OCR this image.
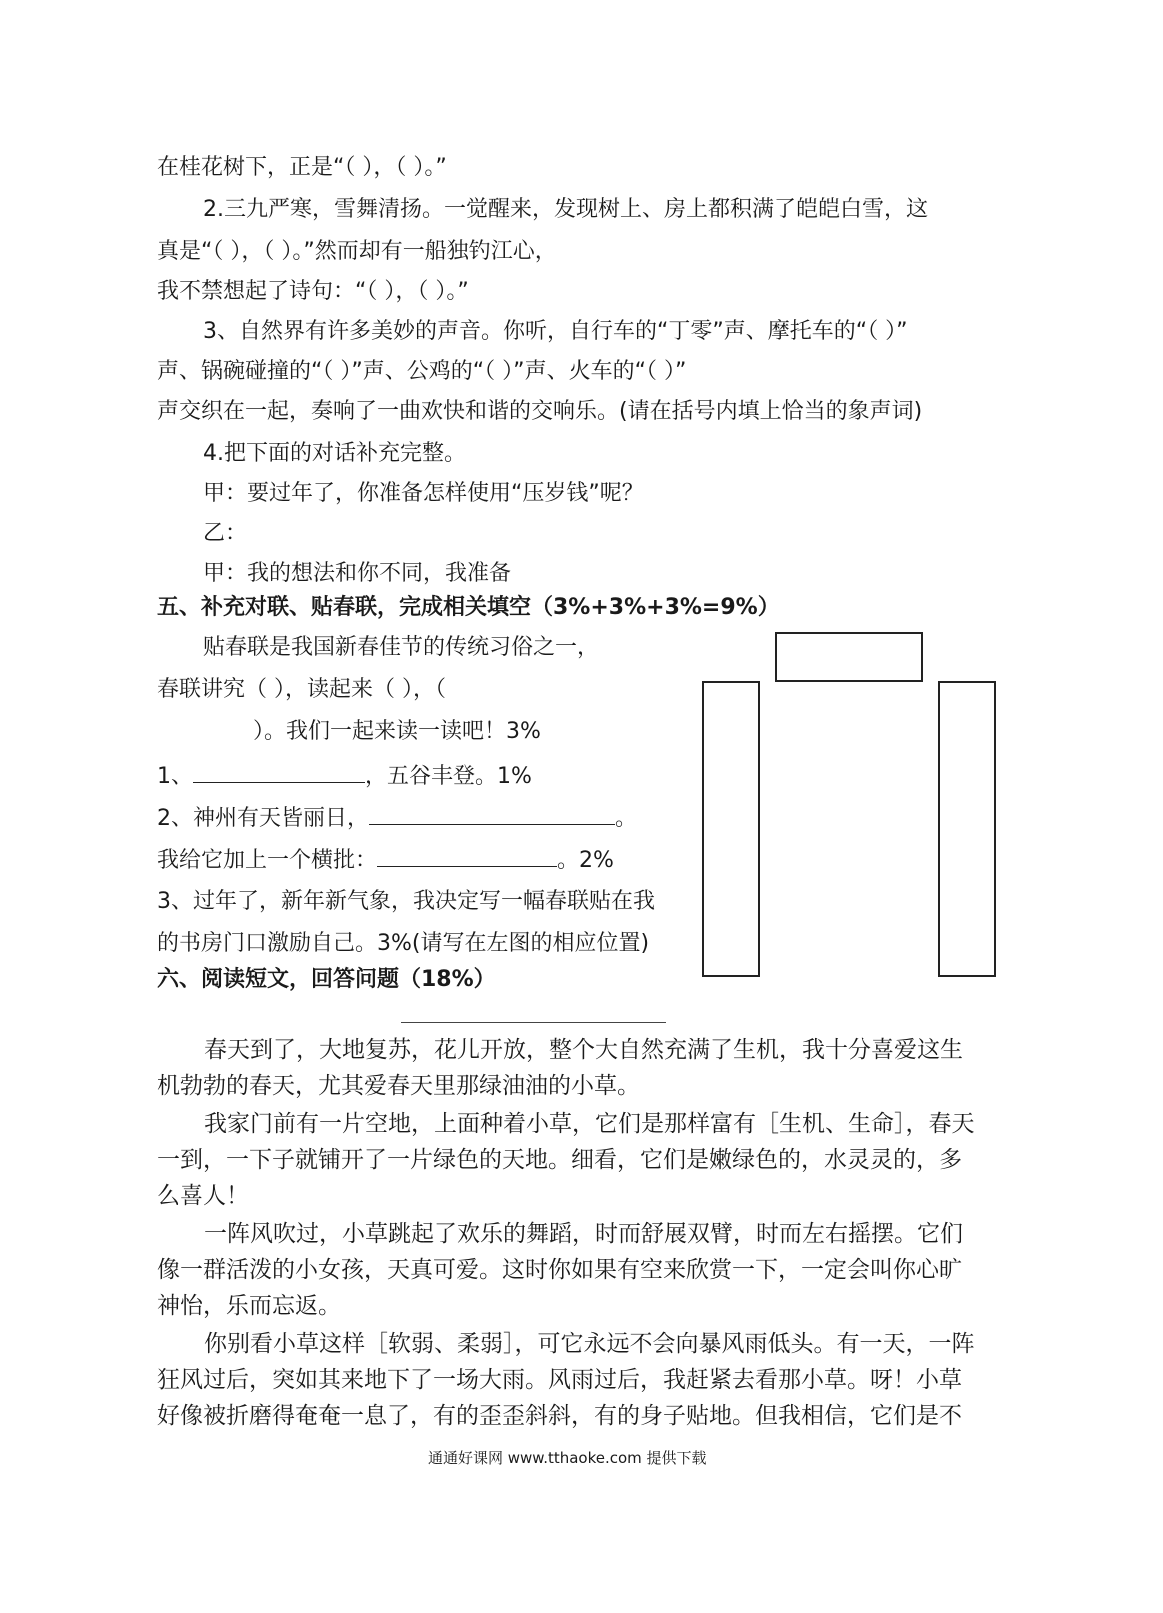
在桂花树下，正是“（ ），（ ）。”
2.三九严寒，雪舞清扬。一觉醒来，发现树上、房上都积满了皑皑白雪，这
真是“（ ），（ ）。”然而却有一船独钓江心，
我不禁想起了诗句：“（ ），（ ）。”
3、自然界有许多美妙的声音。你听，自行车的“丁零”声、摩托车的“（ ）”
声、锅碗碰撞的“（ ）”声、公鸡的“（ ）”声、火车的“（ ）”
声交织在一起，奏响了一曲欢快和谐的交响乐。(请在括号内填上恰当的象声词)
4.把下面的对话补充完整。
甲：要过年了，你准备怎样使用“压岁钱”呢？
乙：
甲：我的想法和你不同，我准备
五、补充对联、贴春联，完成相关填空（3%+3%+3%=9%）
贴春联是我国新春佳节的传统习俗之一，
春联讲究（ ），读起来（ ），（
）。我们一起来读一读吧！3%
1、	，五谷丰登。1%
2、神州有天皆丽日，	。
我给它加上一个横批：	。2%
3、过年了，新年新气象，我决定写一幅春联贴在我
的书房门口激励自己。3%(请写在左图的相应位置)
六、阅读短文，回答问题（18%）
春天到了，大地复苏，花儿开放，整个大自然充满了生机，我十分喜爱这生
机勃勃的春天，尤其爱春天里那绿油油的小草。
我家门前有一片空地，上面种着小草，它们是那样富有［生机、生命］，春天
一到，一下子就铺开了一片绿色的天地。细看，它们是嫩绿色的，水灵灵的，多
么喜人！
一阵风吹过，小草跳起了欢乐的舞蹈，时而舒展双臂，时而左右摇摆。它们
像一群活泼的小女孩，天真可爱。这时你如果有空来欣赏一下，一定会叫你心旷
神怡，乐而忘返。
你别看小草这样［软弱、柔弱］，可它永远不会向暴风雨低头。有一天，一阵
狂风过后，突如其来地下了一场大雨。风雨过后，我赶紧去看那小草。呀！小草
好像被折磨得奄奄一息了，有的歪歪斜斜，有的身子贴地。但我相信，它们是不
通通好课网 www.tthaoke.com 提供下载
